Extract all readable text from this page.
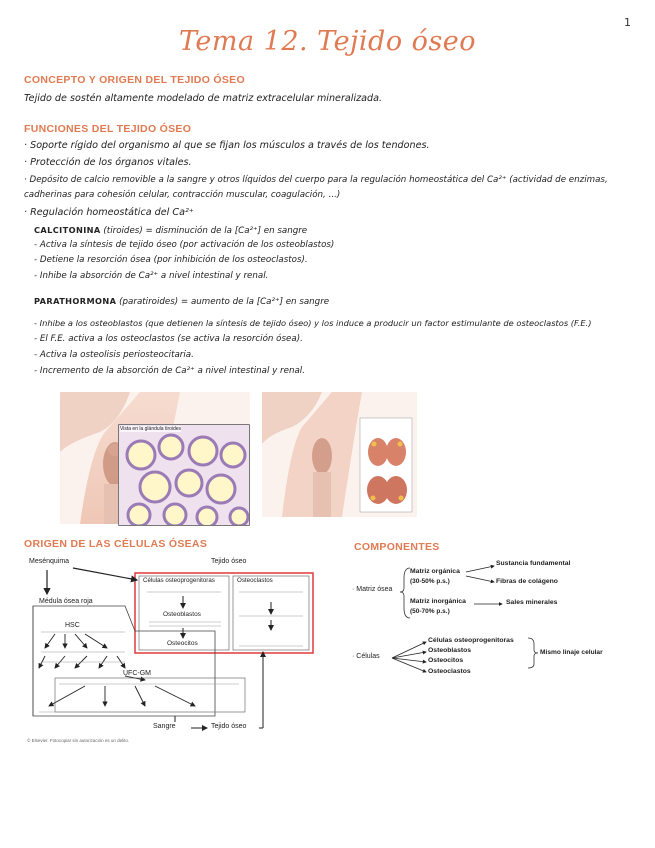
1
Tema 12. Tejido óseo
CONCEPTO Y ORIGEN DEL TEJIDO ÓSEO
Tejido de sostén altamente modelado de matriz extracelular mineralizada.
FUNCIONES DEL TEJIDO ÓSEO
· Soporte rígido del organismo al que se fijan los músculos a través de los tendones.
· Protección de los órganos vitales.
· Depósito de calcio removible a la sangre y otros líquidos del cuerpo para la regulación homeostática del Ca²⁺ (actividad de enzimas,
cadherinas para cohesión celular, contracción muscular, coagulación, ...)
· Regulación homeostática del Ca²⁺
CALCITONINA (tiroides) = disminución de la [Ca²⁺] en sangre
- Activa la síntesis de tejido óseo (por activación de los osteoblastos)
- Detiene la resorción ósea (por inhibición de los osteoclastos).
- Inhibe la absorción de Ca²⁺ a nivel intestinal y renal.
PARATHORMONA (paratiroides) = aumento de la [Ca²⁺] en sangre
- Inhibe a los osteoblastos (que detienen la síntesis de tejido óseo) y los induce a producir un factor estimulante de osteoclastos (F.E.)
- El F.E. activa a los osteoclastos (se activa la resorción ósea).
- Activa la osteolisis periosteocitaria.
- Incremento de la absorción de Ca²⁺ a nivel intestinal y renal.
Vista en la glándula tiroides
ORIGEN DE LAS CÉLULAS ÓSEAS
Mesénquima	Tejido óseo
Células osteoprogenitoras
Osteoblastos
Osteocitos
Osteoclastos
Médula ósea roja
HSC
UFC-GM
Sangre	Tejido óseo
© Elsevier. Fotocopiar sin autorización es un delito.
COMPONENTES
· Matriz ósea
Matriz orgánica
(30-50% p.s.)
Sustancia fundamental
Fibras de colágeno
Matriz inorgánica
(50-70% p.s.)
Sales minerales
· Células
Células osteoprogenitoras
Osteoblastos
Osteocitos
Osteoclastos
Mismo linaje celular
